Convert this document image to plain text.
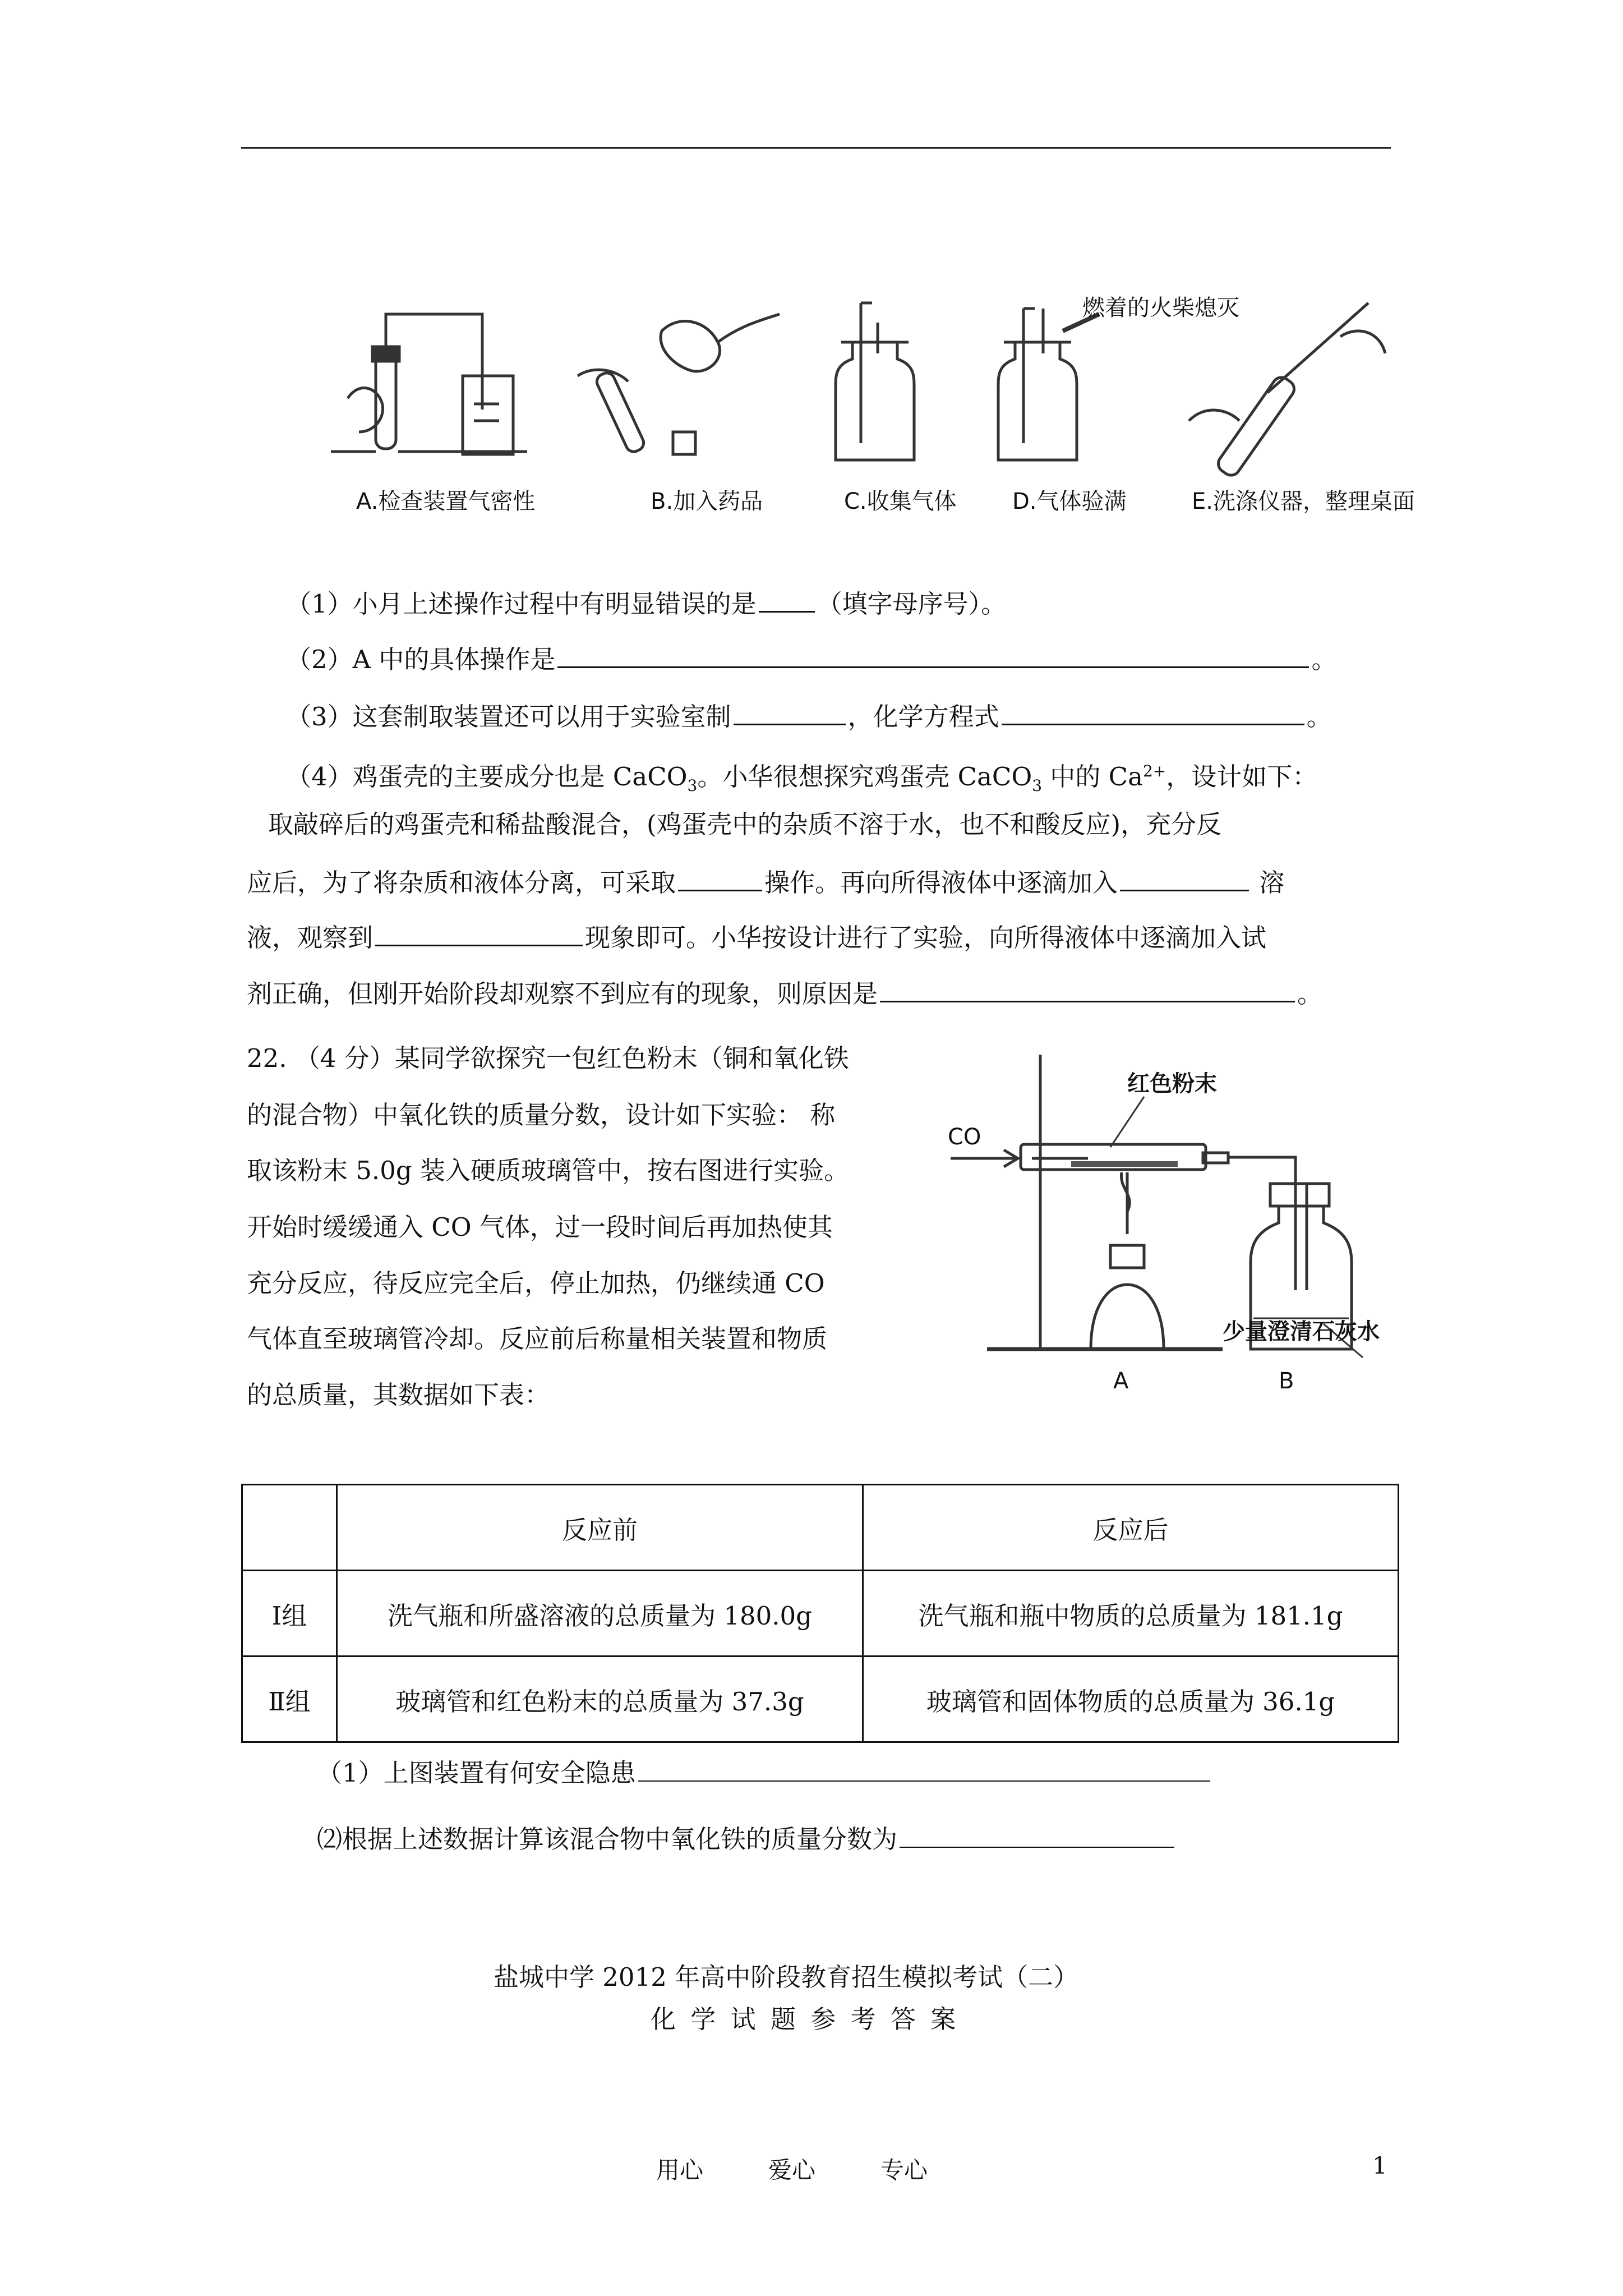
燃着的火柴熄灭
A.检查装置气密性	B.加入药品	C.收集气体 D.气体验满	E.洗涤仪器，整理桌面
（1）小月上述操作过程中有明显错误的是 （填字母序号）。
（2）A 中的具体操作是	。
（3）这套制取装置还可以用于实验室制	，化学方程式	。
（4）鸡蛋壳的主要成分也是 CaCO$_3$。小华很想探究鸡蛋壳 CaCO$_3$ 中的 $Ca^{2+}$，设计如下：
取敲碎后的鸡蛋壳和稀盐酸混合，(鸡蛋壳中的杂质不溶于水，也不和酸反应)，充分反
应后，为了将杂质和液体分离，可采取	操作。再向所得液体中逐滴加入	溶
液，观察到	现象即可。小华按设计进行了实验，向所得液体中逐滴加入试
剂正确，但刚开始阶段却观察不到应有的现象，则原因是	。
22. （4 分）某同学欲探究一包红色粉末（铜和氧化铁
的混合物）中氧化铁的质量分数，设计如下实验： 称
取该粉末 5.0g 装入硬质玻璃管中，按右图进行实验。
开始时缓缓通入 CO 气体，过一段时间后再加热使其
充分反应，待反应完全后，停止加热，仍继续通 CO
气体直至玻璃管冷却。反应前后称量相关装置和物质
的总质量，其数据如下表：
CO
红色粉末
少量澄清石灰水
A	B
	反应前	反应后
Ⅰ组	洗气瓶和所盛溶液的总质量为 180.0g	洗气瓶和瓶中物质的总质量为 181.1g
Ⅱ组	玻璃管和红色粉末的总质量为 37.3g	玻璃管和固体物质的总质量为 36.1g
（1）上图装置有何安全隐患
⑵根据上述数据计算该混合物中氧化铁的质量分数为
盐城中学 2012 年高中阶段教育招生模拟考试（二）
化 学 试 题 参 考 答 案
用心	爱心	专心	1
